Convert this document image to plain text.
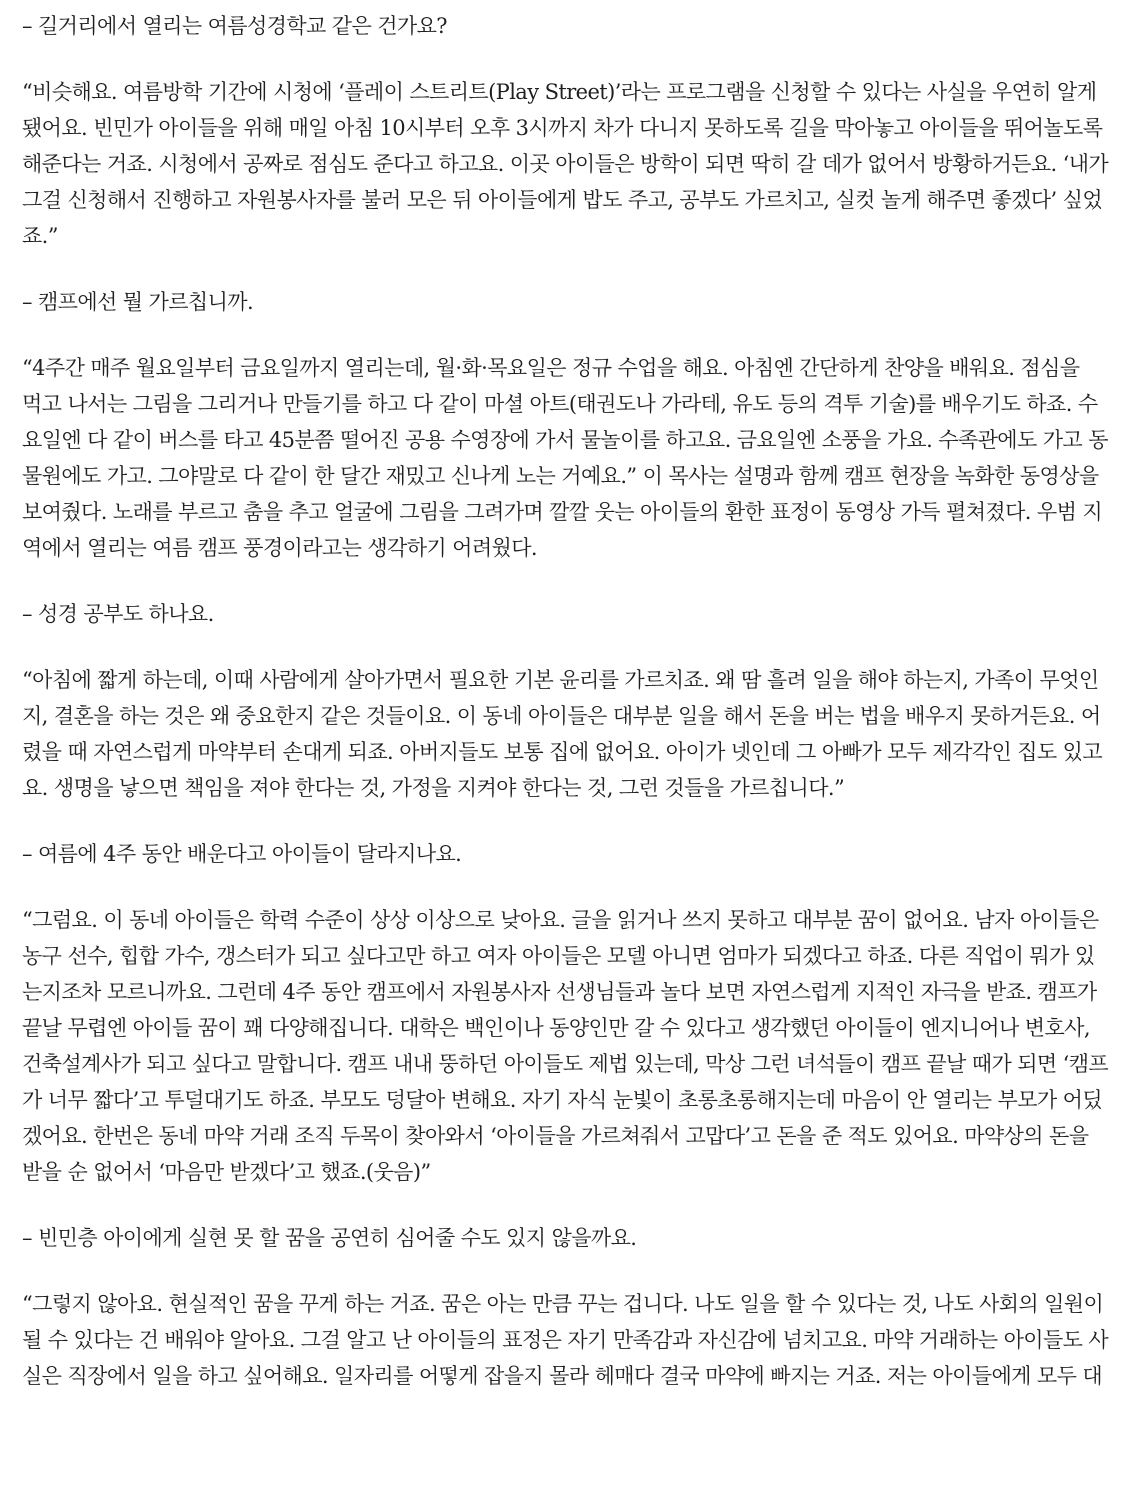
– 길거리에서 열리는 여름성경학교 같은 건가요?

“비슷해요. 여름방학 기간에 시청에 ‘플레이 스트리트(Play Street)’라는 프로그램을 신청할 수 있다는 사실을 우연히 알게
됐어요. 빈민가 아이들을 위해 매일 아침 10시부터 오후 3시까지 차가 다니지 못하도록 길을 막아놓고 아이들을 뛰어놀도록
해준다는 거죠. 시청에서 공짜로 점심도 준다고 하고요. 이곳 아이들은 방학이 되면 딱히 갈 데가 없어서 방황하거든요. ‘내가
그걸 신청해서 진행하고 자원봉사자를 불러 모은 뒤 아이들에게 밥도 주고, 공부도 가르치고, 실컷 놀게 해주면 좋겠다’ 싶었
죠.”

– 캠프에선 뭘 가르칩니까.

“4주간 매주 월요일부터 금요일까지 열리는데, 월·화·목요일은 정규 수업을 해요. 아침엔 간단하게 찬양을 배워요. 점심을
먹고 나서는 그림을 그리거나 만들기를 하고 다 같이 마셜 아트(태권도나 가라테, 유도 등의 격투 기술)를 배우기도 하죠. 수
요일엔 다 같이 버스를 타고 45분쯤 떨어진 공용 수영장에 가서 물놀이를 하고요. 금요일엔 소풍을 가요. 수족관에도 가고 동
물원에도 가고. 그야말로 다 같이 한 달간 재밌고 신나게 노는 거예요.” 이 목사는 설명과 함께 캠프 현장을 녹화한 동영상을
보여줬다. 노래를 부르고 춤을 추고 얼굴에 그림을 그려가며 깔깔 웃는 아이들의 환한 표정이 동영상 가득 펼쳐졌다. 우범 지
역에서 열리는 여름 캠프 풍경이라고는 생각하기 어려웠다.

– 성경 공부도 하나요.

“아침에 짧게 하는데, 이때 사람에게 살아가면서 필요한 기본 윤리를 가르치죠. 왜 땀 흘려 일을 해야 하는지, 가족이 무엇인
지, 결혼을 하는 것은 왜 중요한지 같은 것들이요. 이 동네 아이들은 대부분 일을 해서 돈을 버는 법을 배우지 못하거든요. 어
렸을 때 자연스럽게 마약부터 손대게 되죠. 아버지들도 보통 집에 없어요. 아이가 넷인데 그 아빠가 모두 제각각인 집도 있고
요. 생명을 낳으면 책임을 져야 한다는 것, 가정을 지켜야 한다는 것, 그런 것들을 가르칩니다.”

– 여름에 4주 동안 배운다고 아이들이 달라지나요.

“그럼요. 이 동네 아이들은 학력 수준이 상상 이상으로 낮아요. 글을 읽거나 쓰지 못하고 대부분 꿈이 없어요. 남자 아이들은
농구 선수, 힙합 가수, 갱스터가 되고 싶다고만 하고 여자 아이들은 모델 아니면 엄마가 되겠다고 하죠. 다른 직업이 뭐가 있
는지조차 모르니까요. 그런데 4주 동안 캠프에서 자원봉사자 선생님들과 놀다 보면 자연스럽게 지적인 자극을 받죠. 캠프가
끝날 무렵엔 아이들 꿈이 꽤 다양해집니다. 대학은 백인이나 동양인만 갈 수 있다고 생각했던 아이들이 엔지니어나 변호사,
건축설계사가 되고 싶다고 말합니다. 캠프 내내 뚱하던 아이들도 제법 있는데, 막상 그런 녀석들이 캠프 끝날 때가 되면 ‘캠프
가 너무 짧다’고 투덜대기도 하죠. 부모도 덩달아 변해요. 자기 자식 눈빛이 초롱초롱해지는데 마음이 안 열리는 부모가 어딨
겠어요. 한번은 동네 마약 거래 조직 두목이 찾아와서 ‘아이들을 가르쳐줘서 고맙다’고 돈을 준 적도 있어요. 마약상의 돈을
받을 순 없어서 ‘마음만 받겠다’고 했죠.(웃음)”

– 빈민층 아이에게 실현 못 할 꿈을 공연히 심어줄 수도 있지 않을까요.

“그렇지 않아요. 현실적인 꿈을 꾸게 하는 거죠. 꿈은 아는 만큼 꾸는 겁니다. 나도 일을 할 수 있다는 것, 나도 사회의 일원이
될 수 있다는 건 배워야 알아요. 그걸 알고 난 아이들의 표정은 자기 만족감과 자신감에 넘치고요. 마약 거래하는 아이들도 사
실은 직장에서 일을 하고 싶어해요. 일자리를 어떻게 잡을지 몰라 헤매다 결국 마약에 빠지는 거죠. 저는 아이들에게 모두 대
